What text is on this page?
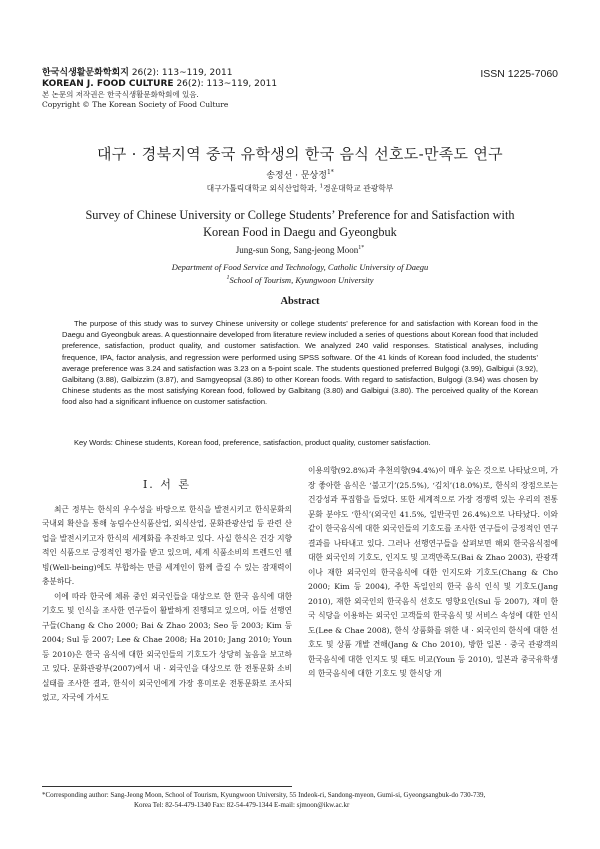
한국식생활문화학회지 26(2): 113~119, 2011
KOREAN J. FOOD CULTURE 26(2): 113~119, 2011
ISSN 1225-7060
본 논문의 저작권은 한국식생활문화학회에 있음.
Copyright © The Korean Society of Food Culture
대구 · 경북지역 중국 유학생의 한국 음식 선호도-만족도 연구
송정선 · 문상정$^{1*}$
대구가톨릭대학교 외식산업학과, $^1$경운대학교 관광학부
Survey of Chinese University or College Students’ Preference for and Satisfaction with
Korean Food in Daegu and Gyeongbuk
Jung-sun Song, Sang-jeong Moon$^{1*}$
Department of Food Service and Technology, Catholic University of Daegu
$^1$School of Tourism, Kyungwoon University
Abstract
The purpose of this study was to survey Chinese university or college students’ preference for and satisfaction with Korean food in the Daegu and Gyeongbuk areas. A questionnaire developed from literature review included a series of questions about Korean food that included preference, satisfaction, product quality, and customer satisfaction. We analyzed 240 valid responses. Statistical analyses, including frequence, IPA, factor analysis, and regression were performed using SPSS software. Of the 41 kinds of Korean food included, the students’ average preference was 3.24 and satisfaction was 3.23 on a 5-point scale. The students questioned preferred Bulgogi (3.99), Galbigui (3.92), Galbitang (3.88), Galbizzim (3.87), and Samgyeopsal (3.86) to other Korean foods. With regard to satisfaction, Bulgogi (3.94) was chosen by Chinese students as the most satisfying Korean food, followed by Galbitang (3.80) and Galbigui (3.80). The perceived quality of the Korean food also had a significant influence on customer satisfaction.
Key Words: Chinese students, Korean food, preference, satisfaction, product quality, customer satisfaction.
Ⅰ. 서 론

최근 정부는 한식의 우수성을 바탕으로 한식을 발전시키고 한식문화의 국내외 확산을 통해 농림수산식품산업, 외식산업, 문화관광산업 등 관련 산업을 발전시키고자 한식의 세계화를 추진하고 있다. 사실 한식은 건강 지향적인 식품으로 긍정적인 평가를 받고 있으며, 세계 식품소비의 트렌드인 웰빙(Well-being)에도 부합하는 만큼 세계인이 함께 즐길 수 있는 잠재력이 충분하다.

이에 따라 한국에 체류 중인 외국인들을 대상으로 한 한국 음식에 대한 기호도 및 인식을 조사한 연구들이 활발하게 진행되고 있으며, 이들 선행연구들(Chang & Cho 2000; Bai & Zhao 2003; Seo 등 2003; Kim 등 2004; Sul 등 2007; Lee & Chae 2008; Ha 2010; Jang 2010; Youn 등 2010)은 한국 음식에 대한 외국인들의 기호도가 상당히 높음을 보고하고 있다. 문화관광부(2007)에서 내 · 외국인을 대상으로 한 전통문화 소비실태를 조사한 결과, 한식이 외국인에게 가장 흥미로운 전통문화로 조사되었고, 자국에 가서도

이용의향(92.8%)과 추천의향(94.4%)이 매우 높은 것으로 나타났으며, 가장 좋아한 음식은 ‘불고기’(25.5%), ‘김치’(18.0%)로, 한식의 장점으로는 건강성과 푸짐함을 들었다. 또한 세계적으로 가장 경쟁력 있는 우리의 전통문화 분야도 ‘한식’(외국인 41.5%, 일반국민 26.4%)으로 나타났다. 이와 같이 한국음식에 대한 외국인들의 기호도를 조사한 연구들이 긍정적인 연구결과를 나타내고 있다. 그러나 선행연구들을 살펴보면 해외 한국음식점에 대한 외국인의 기호도, 인지도 및 고객만족도(Bai & Zhao 2003), 관광객이나 재한 외국인의 한국음식에 대한 인지도와 기호도(Chang & Cho 2000; Kim 등 2004), 주한 독일인의 한국 음식 인식 및 기호도(Jang 2010), 재한 외국인의 한국음식 선호도 영향요인(Sul 등 2007), 재미 한국 식당을 이용하는 외국인 고객들의 한국음식 및 서비스 속성에 대한 인식도(Lee & Chae 2008), 한식 상품화를 위한 내 · 외국인의 한식에 대한 선호도 및 상품 개발 견해(Jang & Cho 2010), 방한 일본 · 중국 관광객의 한국음식에 대한 인지도 및 태도 비교(Youn 등 2010), 일본과 중국유학생의 한국음식에 대한 기호도 및 한식당 개

*Corresponding author: Sang-Jeong Moon, School of Tourism, Kyungwoon University, 55 Indeok-ri, Sandong-myeon, Gumi-si, Gyeongsangbuk-do 730-739,
Korea Tel: 82-54-479-1340 Fax: 82-54-479-1344 E-mail: sjmoon@ikw.ac.kr
